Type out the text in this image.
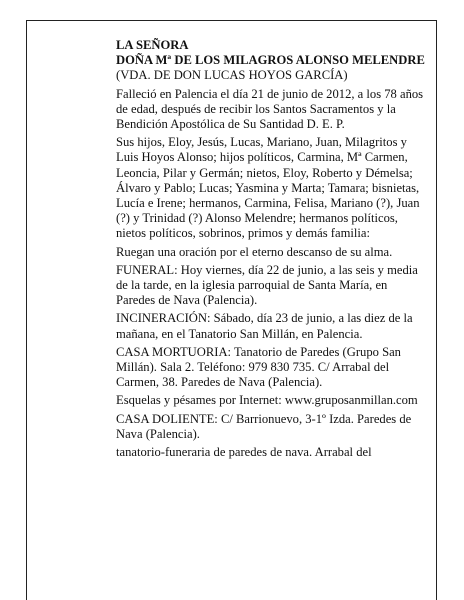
LA SEÑORA

DOÑA Mª DE LOS MILAGROS ALONSO MELENDRE

(VDA. DE DON LUCAS HOYOS GARCÍA)

Falleció en Palencia el día 21 de junio de 2012, a los 78 años de edad, después de recibir los Santos Sacramentos y la Bendición Apostólica de Su Santidad D. E. P.

Sus hijos, Eloy, Jesús, Lucas, Mariano, Juan, Milagritos y Luis Hoyos Alonso; hijos políticos, Carmina, Mª Carmen, Leoncia, Pilar y Germán; nietos, Eloy, Roberto y Démelsa; Álvaro y Pablo; Lucas; Yasmina y Marta; Tamara; bisnietas, Lucía e Irene; hermanos, Carmina, Felisa, Mariano (?), Juan (?) y Trinidad (?) Alonso Melendre; hermanos políticos, nietos políticos, sobrinos, primos y demás familia:

Ruegan una oración por el eterno descanso de su alma.

FUNERAL: Hoy viernes, día 22 de junio, a las seis y media de la tarde, en la iglesia parroquial de Santa María, en Paredes de Nava (Palencia).

INCINERACIÓN: Sábado, día 23 de junio, a las diez de la mañana, en el Tanatorio San Millán, en Palencia.

CASA MORTUORIA: Tanatorio de Paredes (Grupo San Millán). Sala 2. Teléfono: 979 830 735. C/ Arrabal del Carmen, 38. Paredes de Nava (Palencia).

Esquelas y pésames por Internet: www.gruposanmillan.com

CASA DOLIENTE: C/ Barrionuevo, 3-1º Izda. Paredes de Nava (Palencia).

tanatorio-funeraria de paredes de nava. Arrabal del
